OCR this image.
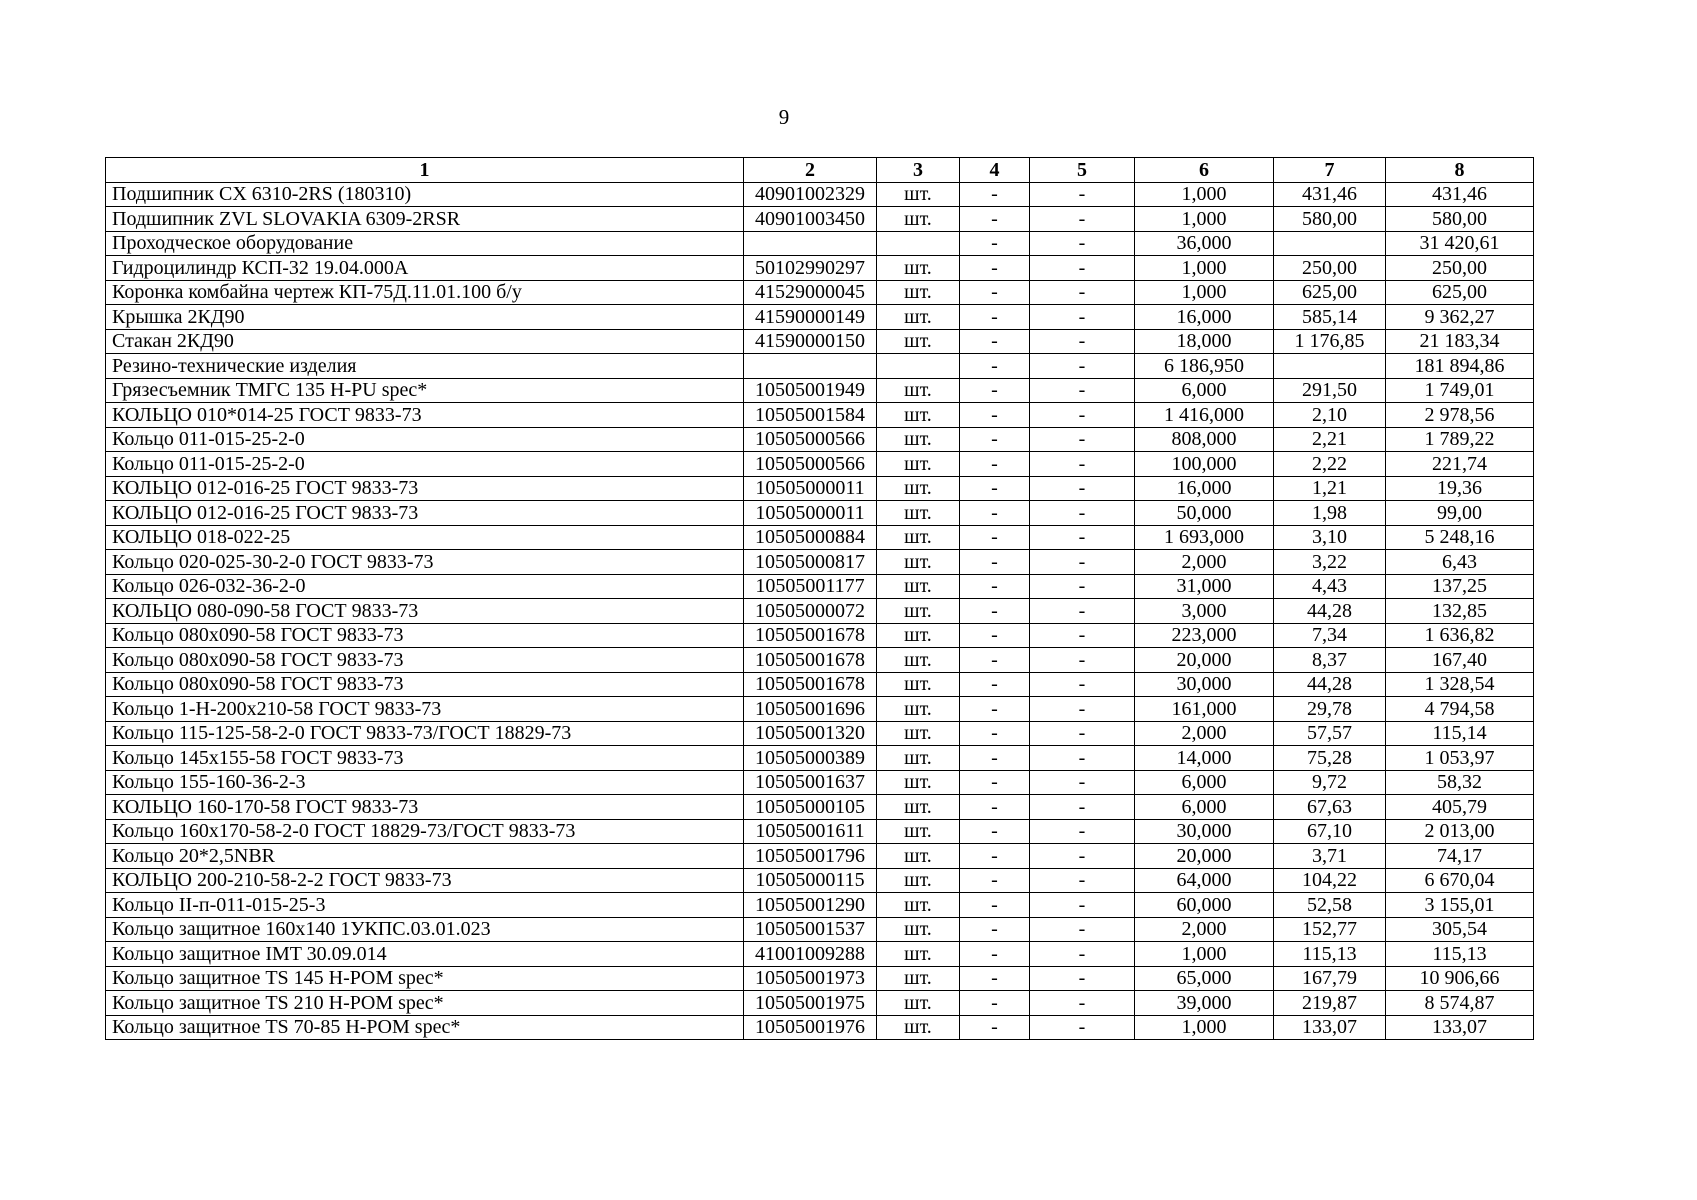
9
1	2	3	4	5	6	7	8
Подшипник CX 6310-2RS (180310)	40901002329	шт.	-	-	1,000	431,46	431,46
Подшипник ZVL SLOVAKIA 6309-2RSR	40901003450	шт.	-	-	1,000	580,00	580,00
Проходческое оборудование			-	-	36,000		31 420,61
Гидроцилиндр КСП-32 19.04.000А	50102990297	шт.	-	-	1,000	250,00	250,00
Коронка комбайна чертеж КП-75Д.11.01.100 б/у	41529000045	шт.	-	-	1,000	625,00	625,00
Крышка 2КД90	41590000149	шт.	-	-	16,000	585,14	9 362,27
Стакан 2КД90	41590000150	шт.	-	-	18,000	1 176,85	21 183,34
Резино-технические изделия			-	-	6 186,950		181 894,86
Грязесъемник ТМГС 135 H-PU spec*	10505001949	шт.	-	-	6,000	291,50	1 749,01
КОЛЬЦО 010*014-25 ГОСТ 9833-73	10505001584	шт.	-	-	1 416,000	2,10	2 978,56
Кольцо 011-015-25-2-0	10505000566	шт.	-	-	808,000	2,21	1 789,22
Кольцо 011-015-25-2-0	10505000566	шт.	-	-	100,000	2,22	221,74
КОЛЬЦО 012-016-25 ГОСТ 9833-73	10505000011	шт.	-	-	16,000	1,21	19,36
КОЛЬЦО 012-016-25 ГОСТ 9833-73	10505000011	шт.	-	-	50,000	1,98	99,00
КОЛЬЦО 018-022-25	10505000884	шт.	-	-	1 693,000	3,10	5 248,16
Кольцо 020-025-30-2-0 ГОСТ 9833-73	10505000817	шт.	-	-	2,000	3,22	6,43
Кольцо 026-032-36-2-0	10505001177	шт.	-	-	31,000	4,43	137,25
КОЛЬЦО 080-090-58 ГОСТ 9833-73	10505000072	шт.	-	-	3,000	44,28	132,85
Кольцо 080х090-58 ГОСТ 9833-73	10505001678	шт.	-	-	223,000	7,34	1 636,82
Кольцо 080х090-58 ГОСТ 9833-73	10505001678	шт.	-	-	20,000	8,37	167,40
Кольцо 080х090-58 ГОСТ 9833-73	10505001678	шт.	-	-	30,000	44,28	1 328,54
Кольцо 1-Н-200х210-58 ГОСТ 9833-73	10505001696	шт.	-	-	161,000	29,78	4 794,58
Кольцо 115-125-58-2-0 ГОСТ 9833-73/ГОСТ 18829-73	10505001320	шт.	-	-	2,000	57,57	115,14
Кольцо 145х155-58 ГОСТ 9833-73	10505000389	шт.	-	-	14,000	75,28	1 053,97
Кольцо 155-160-36-2-3	10505001637	шт.	-	-	6,000	9,72	58,32
КОЛЬЦО 160-170-58 ГОСТ 9833-73	10505000105	шт.	-	-	6,000	67,63	405,79
Кольцо 160х170-58-2-0 ГОСТ 18829-73/ГОСТ 9833-73	10505001611	шт.	-	-	30,000	67,10	2 013,00
Кольцо 20*2,5NBR	10505001796	шт.	-	-	20,000	3,71	74,17
КОЛЬЦО 200-210-58-2-2 ГОСТ 9833-73	10505000115	шт.	-	-	64,000	104,22	6 670,04
Кольцо II-п-011-015-25-3	10505001290	шт.	-	-	60,000	52,58	3 155,01
Кольцо защитное 160х140 1УКПС.03.01.023	10505001537	шт.	-	-	2,000	152,77	305,54
Кольцо защитное IMT 30.09.014	41001009288	шт.	-	-	1,000	115,13	115,13
Кольцо защитное TS 145 H-POM spec*	10505001973	шт.	-	-	65,000	167,79	10 906,66
Кольцо защитное TS 210 H-POM spec*	10505001975	шт.	-	-	39,000	219,87	8 574,87
Кольцо защитное TS 70-85 H-POM spec*	10505001976	шт.	-	-	1,000	133,07	133,07
